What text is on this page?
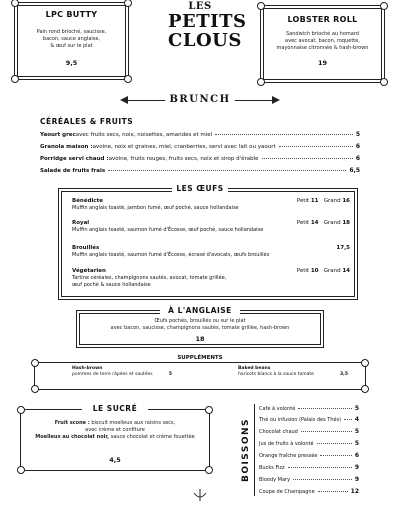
LPC BUTTY
Pain rond brioché, saucisse,
bacon, sauce anglaise,
& œuf sur le plat
9,5
LES
PETITS
CLOUS
LOBSTER ROLL
Sandwich brioché au homard
avec avocat, bacon, roquette,
mayonnaise citronnée & hash-brown
19
BRUNCH
CÉRÉALES & FRUITS
Yaourt grec avec fruits secs, noix, noisettes, amandes et miel	5
Granola maison : avoine, noix et graines, miel, cranberries, servi avec lait ou yaourt	6
Porridge servi chaud : avoine, fruits rouges, fruits secs, noix et sirop d'érable	6
Salade de fruits frais	6,5
LES ŒUFS
Bénédicte
Muffin anglais toasté, jambon fumé, œuf poché, sauce hollandaise
Petit 11 Grand 16
Royal
Muffin anglais toasté, saumon fumé d'Écosse, œuf poché, sauce hollandaise
Petit 14 Grand 18
Brouillés
Muffin anglais toasté, saumon fumé d'Écosse, écrasé d'avocats, œufs brouillés
17,5
Végétarien
Tartine céréales, champignons sautés, avocat, tomate grillée,
œuf poché & sauce hollandaise
Petit 10 Grand 14
À L'ANGLAISE
Œufs pochés, brouillés ou sur le plat
avec bacon, saucisse, champignons sautés, tomate grillée, hash-brown
18
SUPPLÉMENTS
Hash-brown
pommes de terre râpées et sautées	5
Baked beans
haricots blancs à la sauce tomate	3,5
LE SUCRÉ
Fruit scone : biscuit moelleux aux raisins secs,
avec crème et confiture
Moelleux au chocolat noir, sauce chocolat et crème fouettée
4,5	BOISSONS
Café à volonté	5
Thé ou infusion (Palais des Thés) 4
Chocolat chaud	5
Jus de fruits à volonté	5
Orange fraîche pressée	6
Bucks Fizz	9
Bloody Mary	9
Coupe de Champagne	12
